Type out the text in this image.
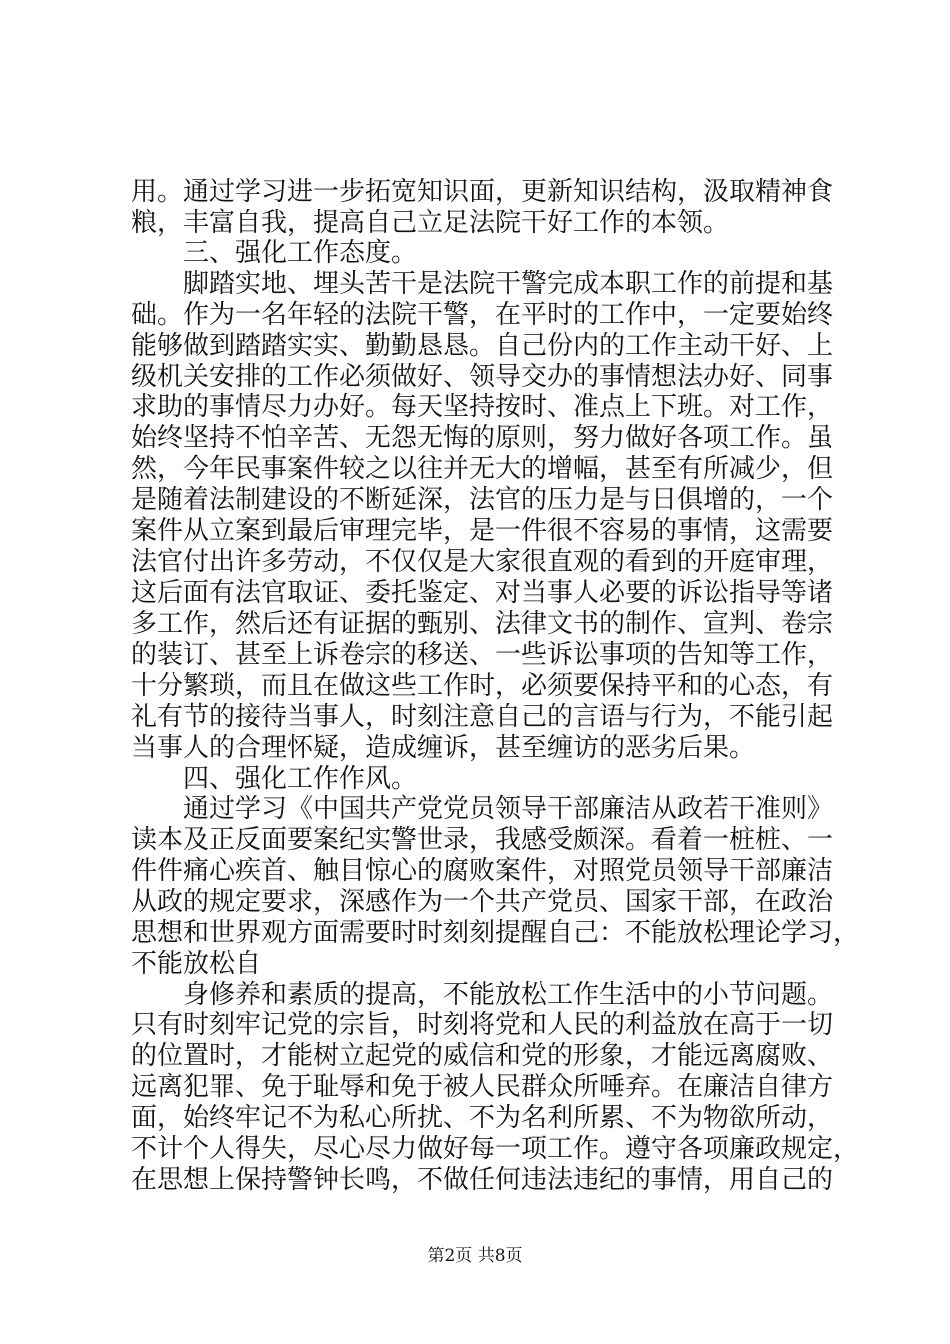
用。通过学习进一步拓宽知识面，更新知识结构，汲取精神食
粮，丰富自我，提高自己立足法院干好工作的本领。
三、强化工作态度。
脚踏实地、埋头苦干是法院干警完成本职工作的前提和基
础。作为一名年轻的法院干警，在平时的工作中，一定要始终
能够做到踏踏实实、勤勤恳恳。自己份内的工作主动干好、上
级机关安排的工作必须做好、领导交办的事情想法办好、同事
求助的事情尽力办好。每天坚持按时、准点上下班。对工作，
始终坚持不怕辛苦、无怨无悔的原则，努力做好各项工作。虽
然，今年民事案件较之以往并无大的增幅，甚至有所减少，但
是随着法制建设的不断延深，法官的压力是与日俱增的，一个
案件从立案到最后审理完毕，是一件很不容易的事情，这需要
法官付出许多劳动，不仅仅是大家很直观的看到的开庭审理，
这后面有法官取证、委托鉴定、对当事人必要的诉讼指导等诸
多工作，然后还有证据的甄别、法律文书的制作、宣判、卷宗
的装订、甚至上诉卷宗的移送、一些诉讼事项的告知等工作，
十分繁琐，而且在做这些工作时，必须要保持平和的心态，有
礼有节的接待当事人，时刻注意自己的言语与行为，不能引起
当事人的合理怀疑，造成缠诉，甚至缠访的恶劣后果。
四、强化工作作风。
通过学习《中国共产党党员领导干部廉洁从政若干准则》
读本及正反面要案纪实警世录，我感受颇深。看着一桩桩、一
件件痛心疾首、触目惊心的腐败案件，对照党员领导干部廉洁
从政的规定要求，深感作为一个共产党员、国家干部，在政治
思想和世界观方面需要时时刻刻提醒自己：不能放松理论学习，
不能放松自
身修养和素质的提高，不能放松工作生活中的小节问题。
只有时刻牢记党的宗旨，时刻将党和人民的利益放在高于一切
的位置时，才能树立起党的威信和党的形象，才能远离腐败、
远离犯罪、免于耻辱和免于被人民群众所唾弃。在廉洁自律方
面，始终牢记不为私心所扰、不为名利所累、不为物欲所动，
不计个人得失，尽心尽力做好每一项工作。遵守各项廉政规定，
在思想上保持警钟长鸣，不做任何违法违纪的事情，用自己的
第2页 共8页
